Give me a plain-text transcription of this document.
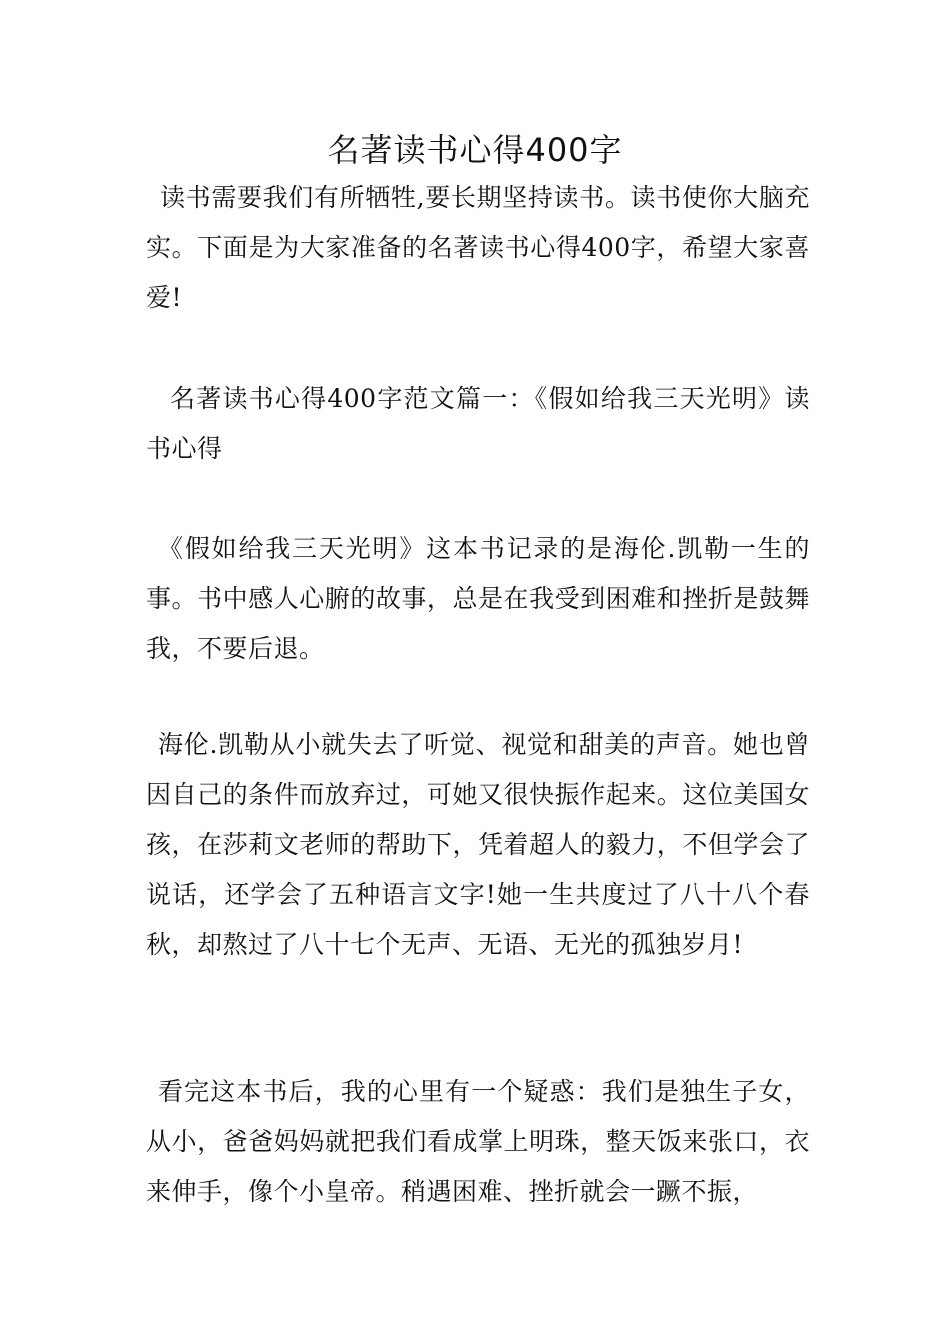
名著读书心得400字

读书需要我们有所牺牲,要长期坚持读书。读书使你大脑充实。下面是为大家准备的名著读书心得400字，希望大家喜爱!

名著读书心得400字范文篇一：《假如给我三天光明》读书心得

《假如给我三天光明》这本书记录的是海伦.凯勒一生的事。书中感人心腑的故事，总是在我受到困难和挫折是鼓舞我，不要后退。

海伦.凯勒从小就失去了听觉、视觉和甜美的声音。她也曾因自己的条件而放弃过，可她又很快振作起来。这位美国女孩，在莎莉文老师的帮助下，凭着超人的毅力，不但学会了说话，还学会了五种语言文字!她一生共度过了八十八个春秋，却熬过了八十七个无声、无语、无光的孤独岁月!

看完这本书后，我的心里有一个疑惑：我们是独生子女，从小，爸爸妈妈就把我们看成掌上明珠，整天饭来张口，衣来伸手，像个小皇帝。稍遇困难、挫折就会一蹶不振，
